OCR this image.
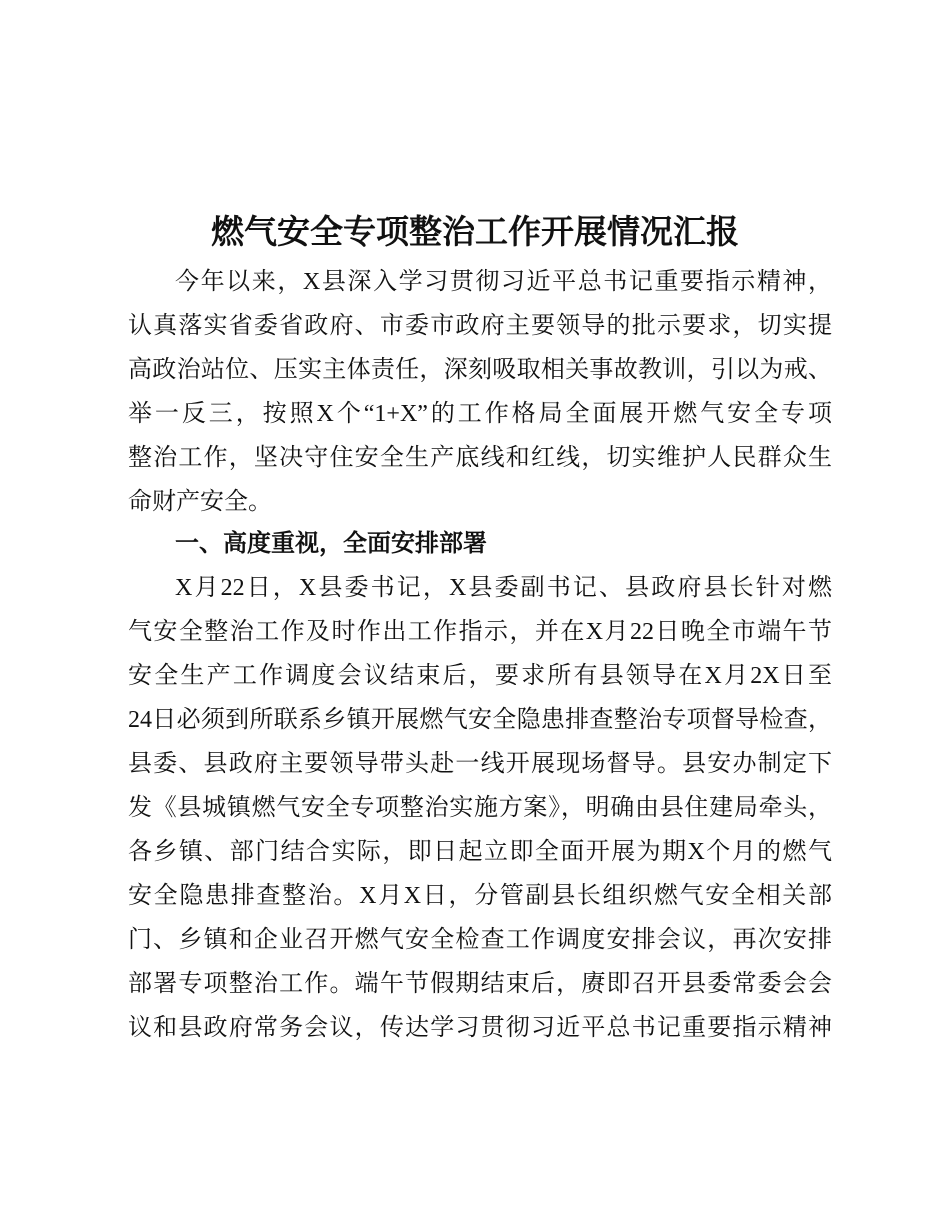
燃气安全专项整治工作开展情况汇报
今年以来，X县深入学习贯彻习近平总书记重要指示精神，
认真落实省委省政府、市委市政府主要领导的批示要求，切实提
高政治站位、压实主体责任，深刻吸取相关事故教训，引以为戒、
举一反三，按照X个“1+X”的工作格局全面展开燃气安全专项
整治工作，坚决守住安全生产底线和红线，切实维护人民群众生
命财产安全。
一、高度重视，全面安排部署
X月22日，X县委书记，X县委副书记、县政府县长针对燃
气安全整治工作及时作出工作指示，并在X月22日晚全市端午节
安全生产工作调度会议结束后，要求所有县领导在X月2X日至
24日必须到所联系乡镇开展燃气安全隐患排查整治专项督导检查，
县委、县政府主要领导带头赴一线开展现场督导。县安办制定下
发《县城镇燃气安全专项整治实施方案》，明确由县住建局牵头，
各乡镇、部门结合实际，即日起立即全面开展为期X个月的燃气
安全隐患排查整治。X月X日，分管副县长组织燃气安全相关部
门、乡镇和企业召开燃气安全检查工作调度安排会议，再次安排
部署专项整治工作。端午节假期结束后，赓即召开县委常委会会
议和县政府常务会议，传达学习贯彻习近平总书记重要指示精神
